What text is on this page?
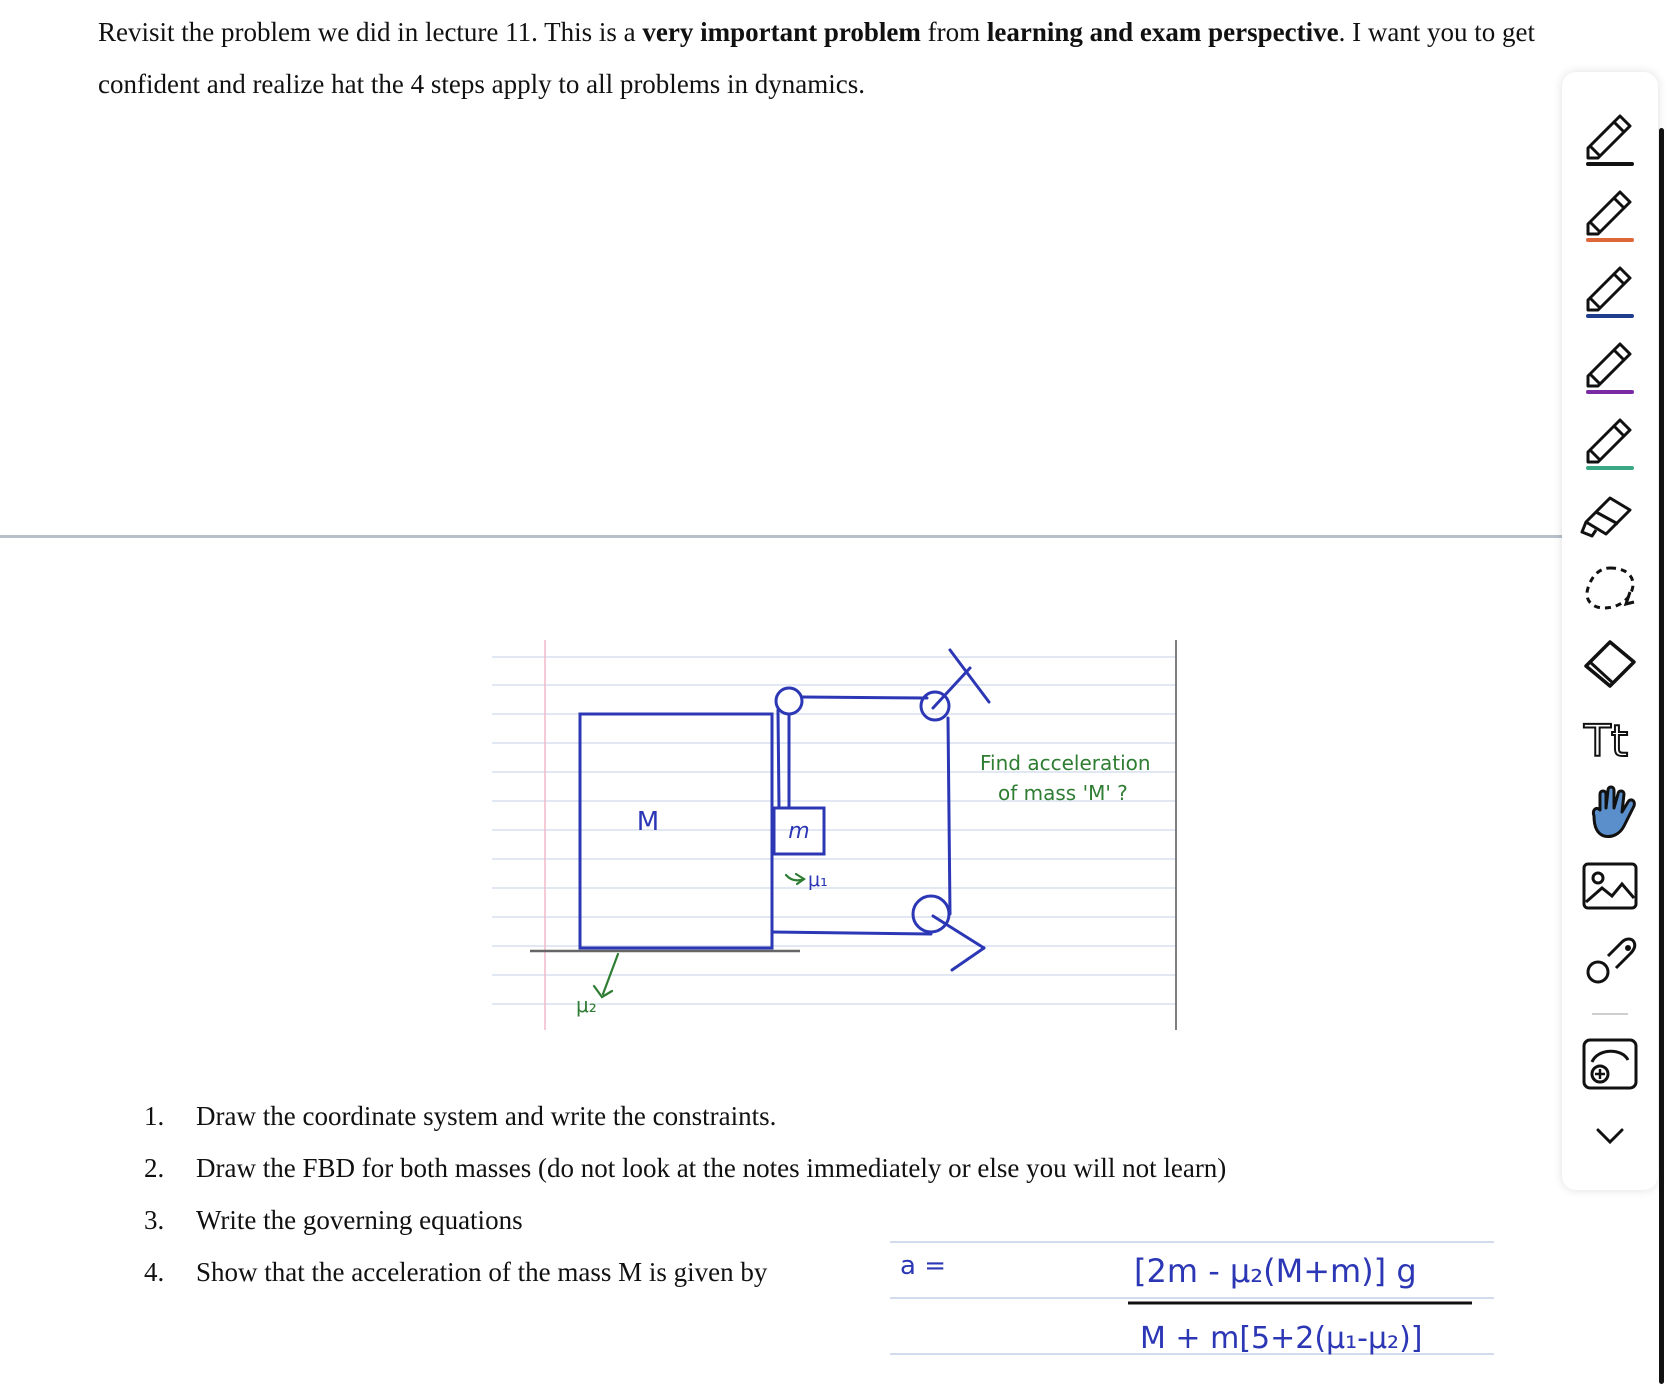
Revisit the problem we did in lecture 11. This is a very important problem from learning and exam perspective. I want you to get confident and realize hat the 4 steps apply to all problems in dynamics.

M	m
μ₁
μ₂
Find acceleration
of mass 'M' ?
1.	Draw the coordinate system and write the constraints.
2.	Draw the FBD for both masses (do not look at the notes immediately or else you will not learn)
3.	Write the governing equations
4.	Show that the acceleration of the mass M is given by	a =	[2m - μ₂(M+m)] g
M + m[5+2(μ₁-μ₂)]
Tt
